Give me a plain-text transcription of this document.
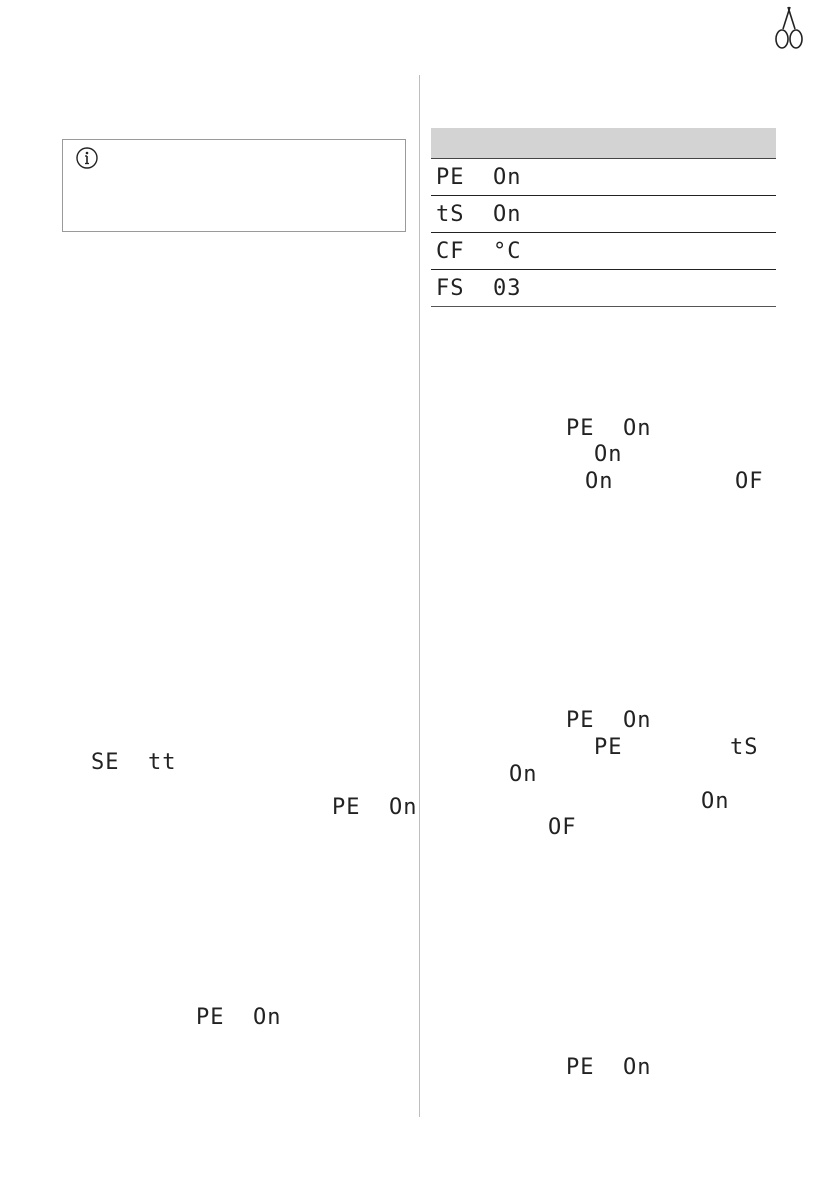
SE  tt
PE  On
PE  On
PE  On
tS  On
CF  °C
FS  03
PE  On
On
On	OF
PE  On
PE	tS
On
On
OF
PE  On
